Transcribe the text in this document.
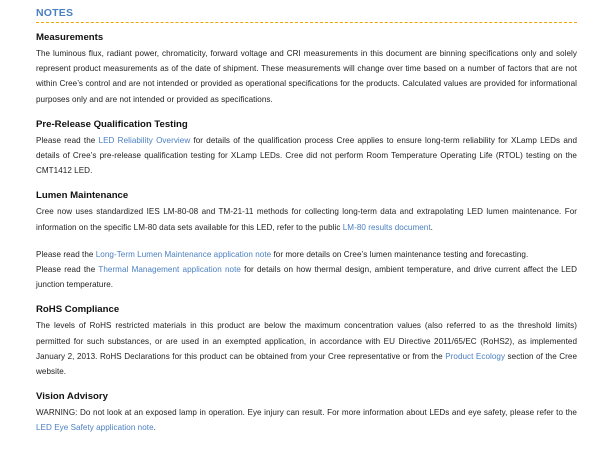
NOTES
Measurements

The luminous flux, radiant power, chromaticity, forward voltage and CRI measurements in this document are binning specifications only and solely represent product measurements as of the date of shipment. These measurements will change over time based on a number of factors that are not within Cree’s control and are not intended or provided as operational specifications for the products. Calculated values are provided for informational purposes only and are not intended or provided as specifications.

Pre-Release Qualification Testing

Please read the LED Reliability Overview for details of the qualification process Cree applies to ensure long-term reliability for XLamp LEDs and details of Cree’s pre-release qualification testing for XLamp LEDs. Cree did not perform Room Temperature Operating Life (RTOL) testing on the CMT1412 LED.

Lumen Maintenance

Cree now uses standardized IES LM-80-08 and TM-21-11 methods for collecting long-term data and extrapolating LED lumen maintenance. For information on the specific LM-80 data sets available for this LED, refer to the public LM-80 results document.

Please read the Long-Term Lumen Maintenance application note for more details on Cree’s lumen maintenance testing and forecasting.
Please read the Thermal Management application note for details on how thermal design, ambient temperature, and drive current affect the LED junction temperature.

RoHS Compliance

The levels of RoHS restricted materials in this product are below the maximum concentration values (also referred to as the threshold limits) permitted for such substances, or are used in an exempted application, in accordance with EU Directive 2011/65/EC (RoHS2), as implemented January 2, 2013. RoHS Declarations for this product can be obtained from your Cree representative or from the Product Ecology section of the Cree website.

Vision Advisory

WARNING: Do not look at an exposed lamp in operation. Eye injury can result. For more information about LEDs and eye safety, please refer to the LED Eye Safety application note.
